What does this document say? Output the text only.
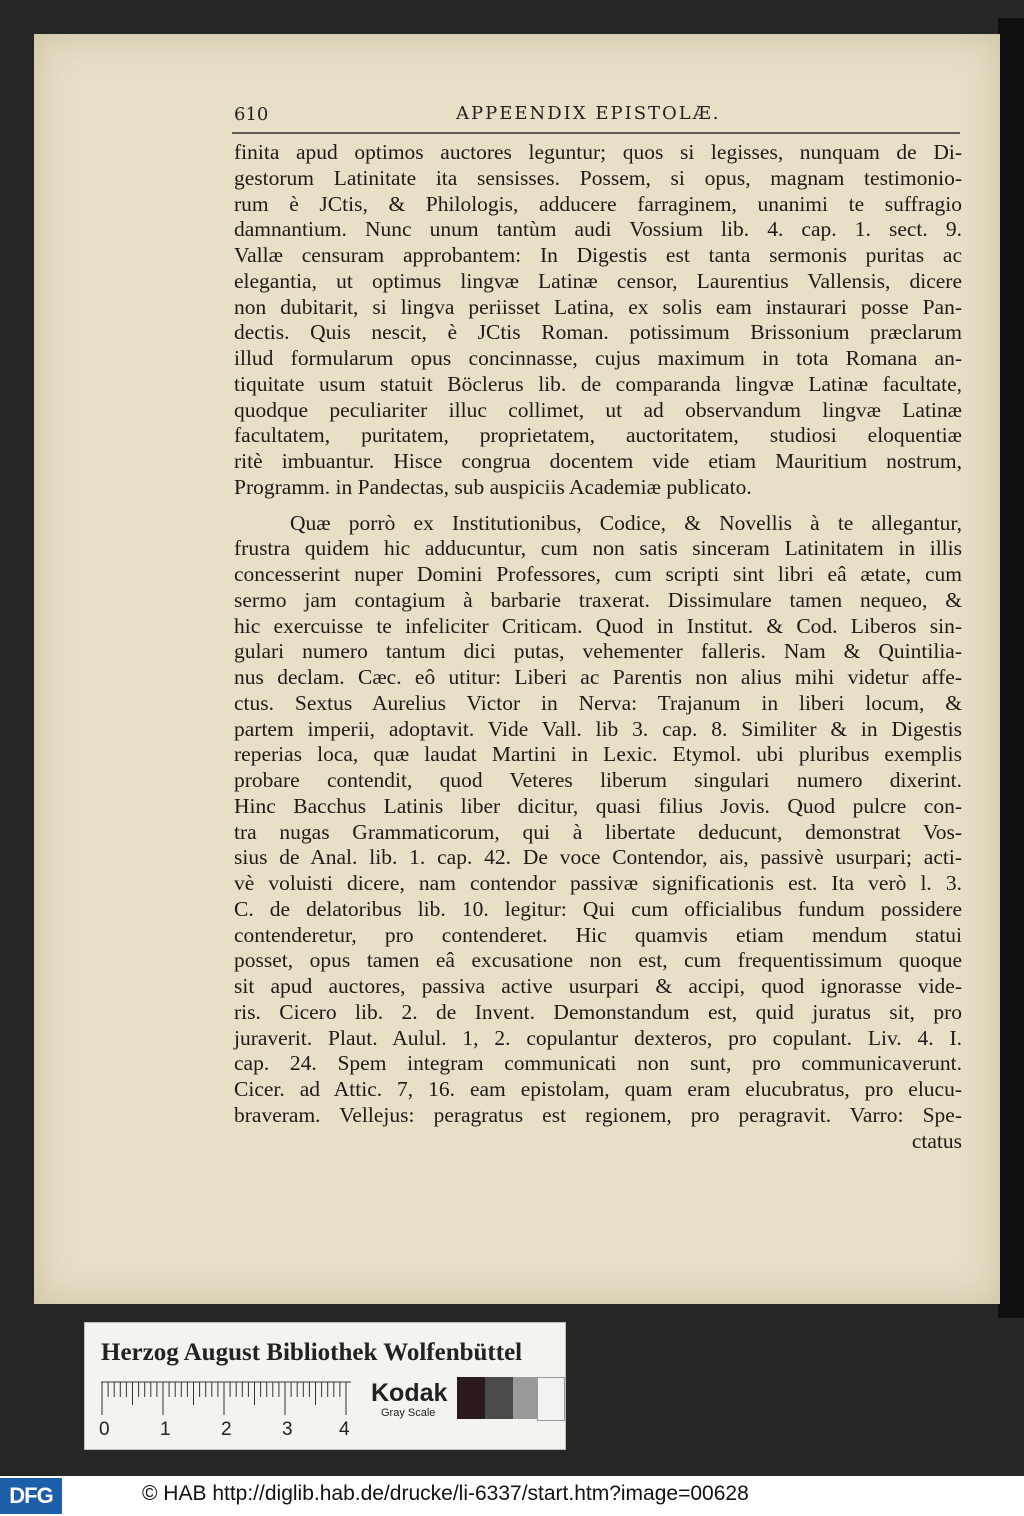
610	APPEENDIX EPISTOLÆ.
finita apud optimos auctores leguntur; quos si legisses, nunquam de Di-
gestorum Latinitate ita sensisses. Possem, si opus, magnam testimonio-
rum è JCtis, & Philologis, adducere farraginem, unanimi te suffragio
damnantium. Nunc unum tantùm audi Vossium lib. 4. cap. 1. sect. 9.
Vallæ censuram approbantem: In Digestis est tanta sermonis puritas ac
elegantia, ut optimus lingvæ Latinæ censor, Laurentius Vallensis, dicere
non dubitarit, si lingva periisset Latina, ex solis eam instaurari posse Pan-
dectis. Quis nescit, è JCtis Roman. potissimum Brissonium præclarum
illud formularum opus concinnasse, cujus maximum in tota Romana an-
tiquitate usum statuit Böclerus lib. de comparanda lingvæ Latinæ facultate,
quodque peculiariter illuc collimet, ut ad observandum lingvæ Latinæ
facultatem, puritatem, proprietatem, auctoritatem, studiosi eloquentiæ
ritè imbuantur. Hisce congrua docentem vide etiam Mauritium nostrum,
Programm. in Pandectas, sub auspiciis Academiæ publicato.
Quæ porrò ex Institutionibus, Codice, & Novellis à te allegantur,
frustra quidem hic adducuntur, cum non satis sinceram Latinitatem in illis
concesserint nuper Domini Professores, cum scripti sint libri eâ ætate, cum
sermo jam contagium à barbarie traxerat. Dissimulare tamen nequeo, &
hic exercuisse te infeliciter Criticam. Quod in Institut. & Cod. Liberos sin-
gulari numero tantum dici putas, vehementer falleris. Nam & Quintilia-
nus declam. Cæc. eô utitur: Liberi ac Parentis non alius mihi videtur affe-
ctus. Sextus Aurelius Victor in Nerva: Trajanum in liberi locum, &
partem imperii, adoptavit. Vide Vall. lib 3. cap. 8. Similiter & in Digestis
reperias loca, quæ laudat Martini in Lexic. Etymol. ubi pluribus exemplis
probare contendit, quod Veteres liberum singulari numero dixerint.
Hinc Bacchus Latinis liber dicitur, quasi filius Jovis. Quod pulcre con-
tra nugas Grammaticorum, qui à libertate deducunt, demonstrat Vos-
sius de Anal. lib. 1. cap. 42. De voce Contendor, ais, passivè usurpari; acti-
vè voluisti dicere, nam contendor passivæ significationis est. Ita verò l. 3.
C. de delatoribus lib. 10. legitur: Qui cum officialibus fundum possidere
contenderetur, pro contenderet. Hic quamvis etiam mendum statui
posset, opus tamen eâ excusatione non est, cum frequentissimum quoque
sit apud auctores, passiva active usurpari & accipi, quod ignorasse vide-
ris. Cicero lib. 2. de Invent. Demonstandum est, quid juratus sit, pro
juraverit. Plaut. Aulul. 1, 2. copulantur dexteros, pro copulant. Liv. 4. I.
cap. 24. Spem integram communicati non sunt, pro communicaverunt.
Cicer. ad Attic. 7, 16. eam epistolam, quam eram elucubratus, pro elucu-
braveram. Vellejus: peragratus est regionem, pro peragravit. Varro: Spe-
ctatus
Herzog August Bibliothek Wolfenbüttel
0	1	2	3 4
Kodak
Gray Scale
DFG	© HAB http://diglib.hab.de/drucke/li-6337/start.htm?image=00628
